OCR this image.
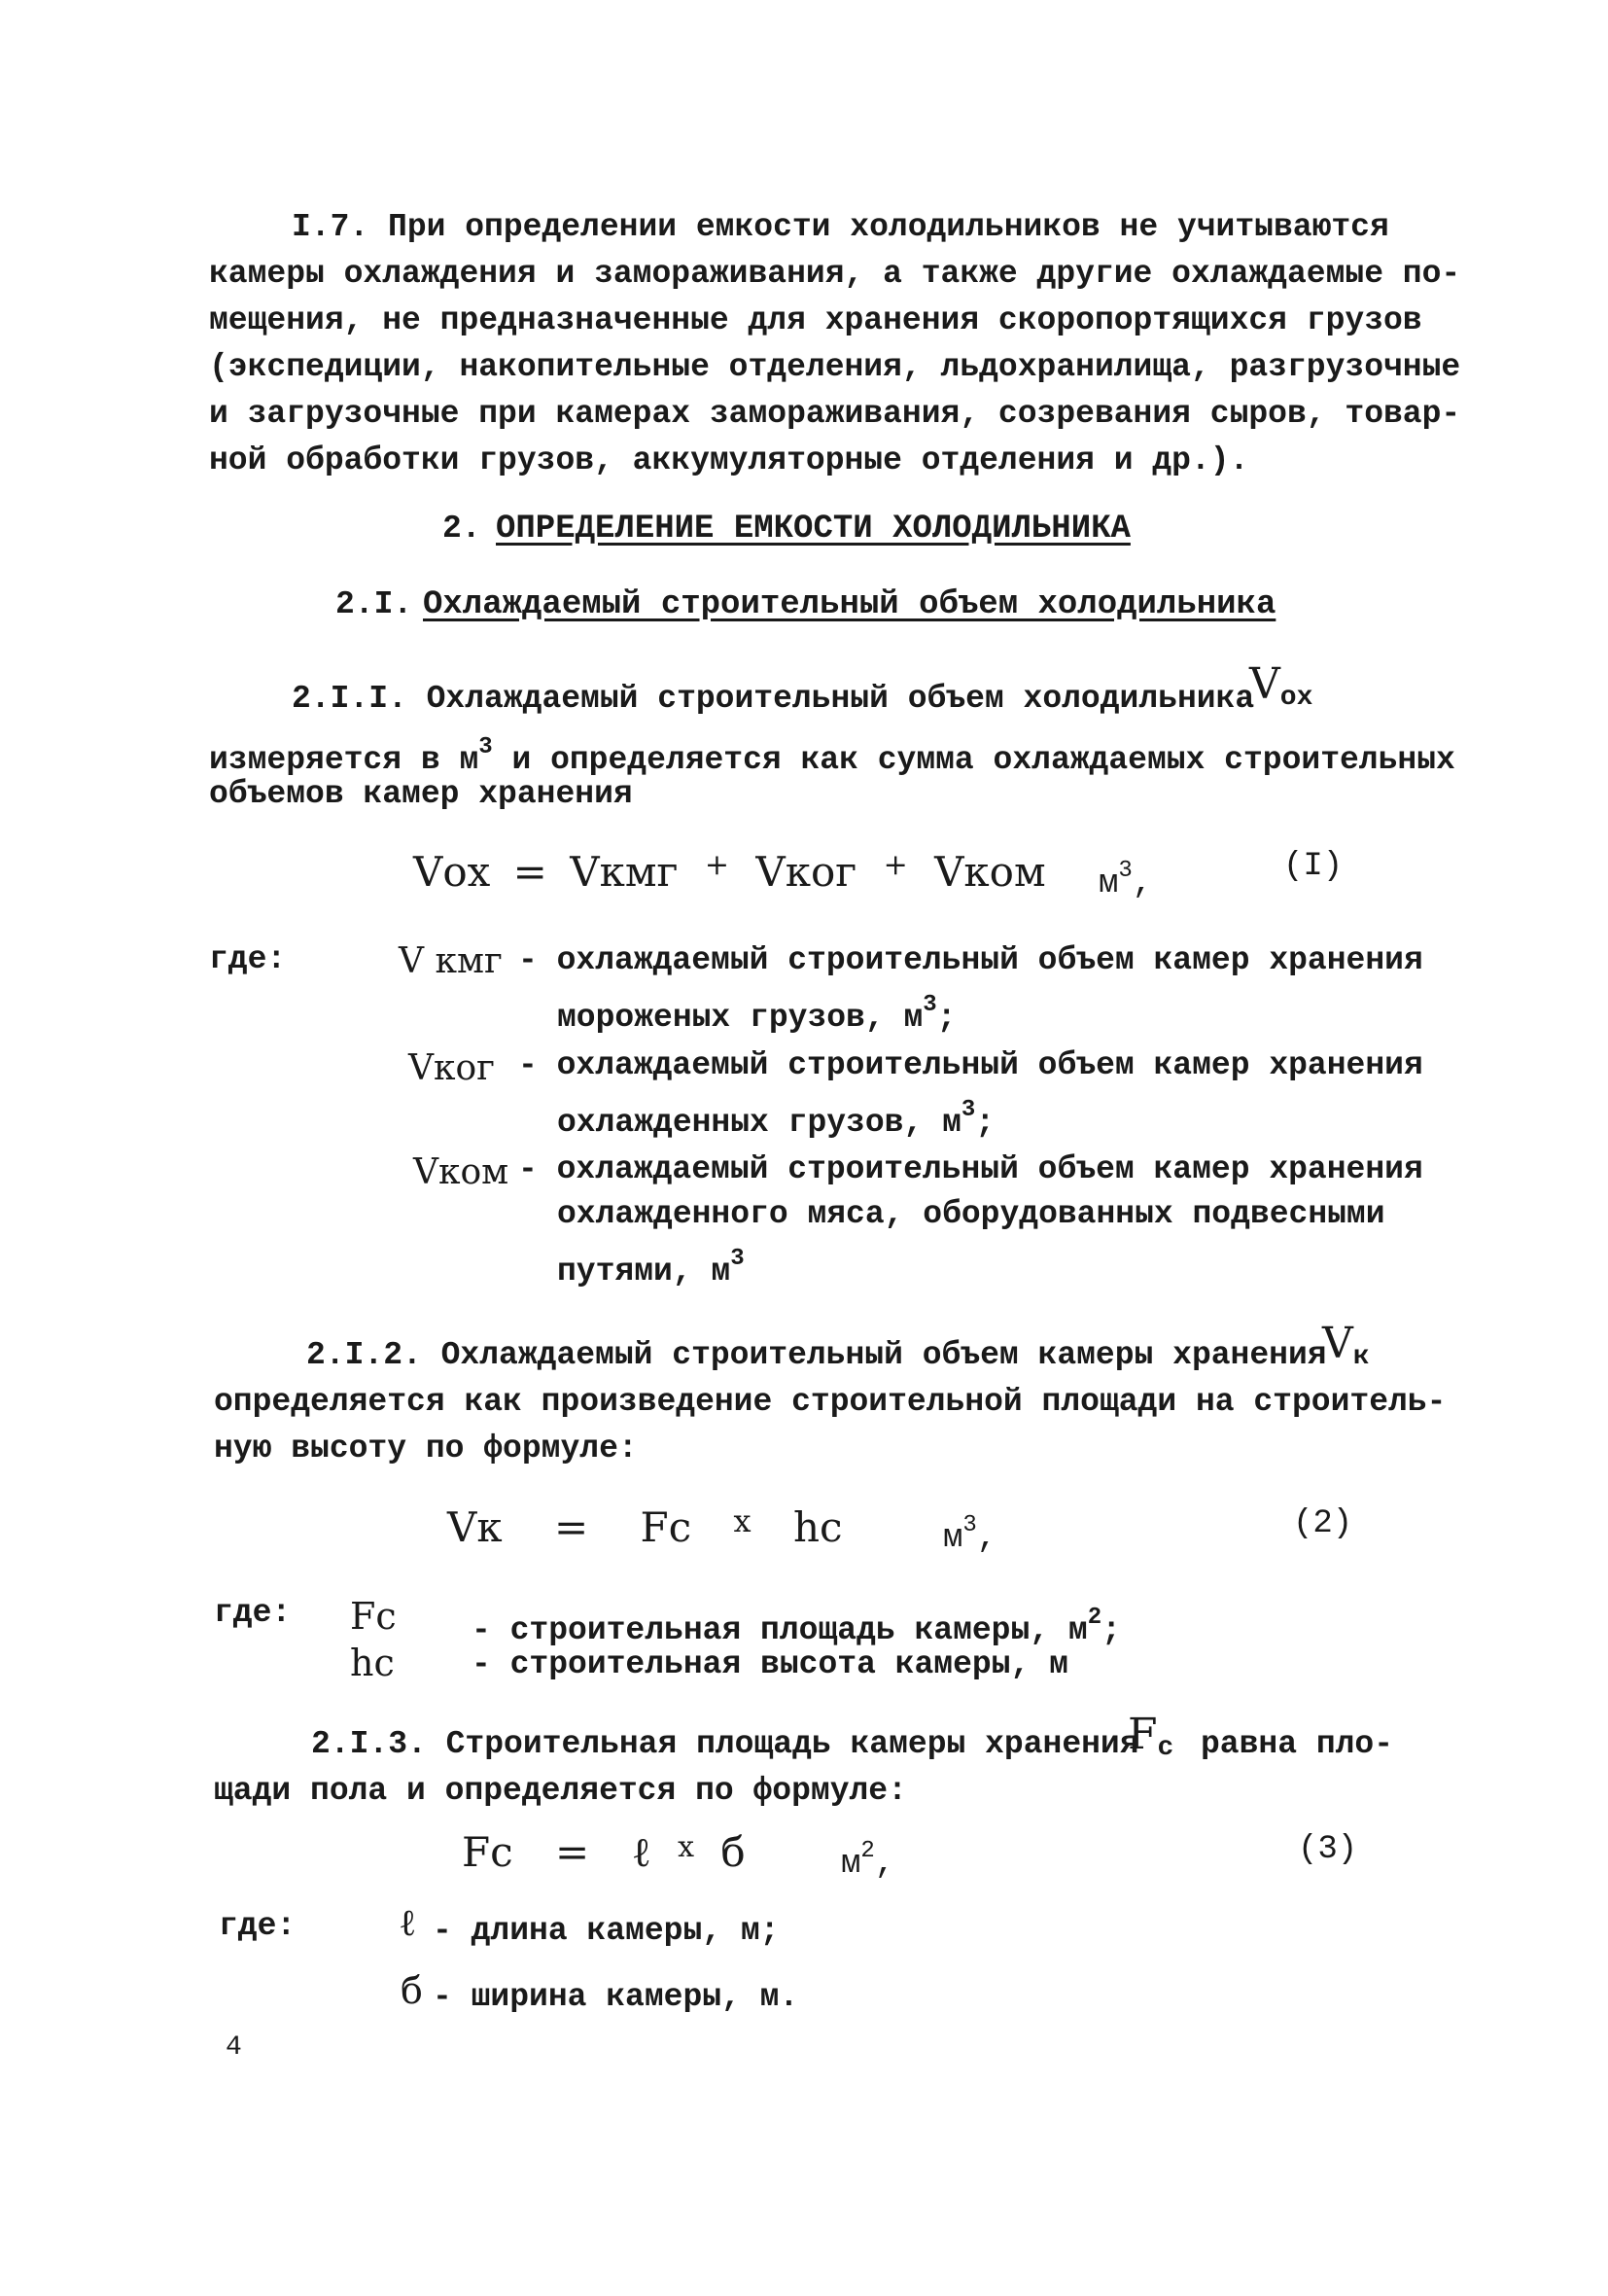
I.7. При определении емкости холодильников не учитываются
камеры охлаждения и замораживания, а также другие охлаждаемые по-
мещения, не предназначенные для хранения скоропортящихся грузов
(экспедиции, накопительные отделения, льдохранилища, разгрузочные
и загрузочные при камерах замораживания, созревания сыров, товар-
ной обработки грузов, аккумуляторные отделения и др.).
2. ОПРЕДЕЛЕНИЕ ЕМКОСТИ ХОЛОДИЛЬНИКА
2.I. Охлаждаемый строительный объем холодильника
2.I.I. Охлаждаемый строительный объем холодильника
$V_{ох}$
измеряется в $м^3$ и определяется как сумма охлаждаемых строительных
объемов камер хранения
Vох = Vкмг + Vког + Vком $м^3$,	(I)
где:	V кмг - охлаждаемый строительный объем камер хранения
мороженых грузов, $м^3$;
Vког - охлаждаемый строительный объем камер хранения
охлажденных грузов, $м^3$;
Vком - охлаждаемый строительный объем камер хранения
охлажденного мяса, оборудованных подвесными
путями, $м^3$
2.I.2. Охлаждаемый строительный объем камеры хранения
$V_к$
определяется как произведение строительной площади на строитель-
ную высоту по формуле:
Vк = Fс $^х$ hс	$м^3$,	(2)
где: Fс - строительная площадь камеры, $м^2$;
hс - строительная высота камеры, м
2.I.3. Строительная площадь камеры хранения
$F_с$ равна пло-
щади пола и определяется по формуле:
Fс = ℓ $^х$ б	$м^2$,	(3)
где:	ℓ - длина камеры, м;
б - ширина камеры, м.
4
